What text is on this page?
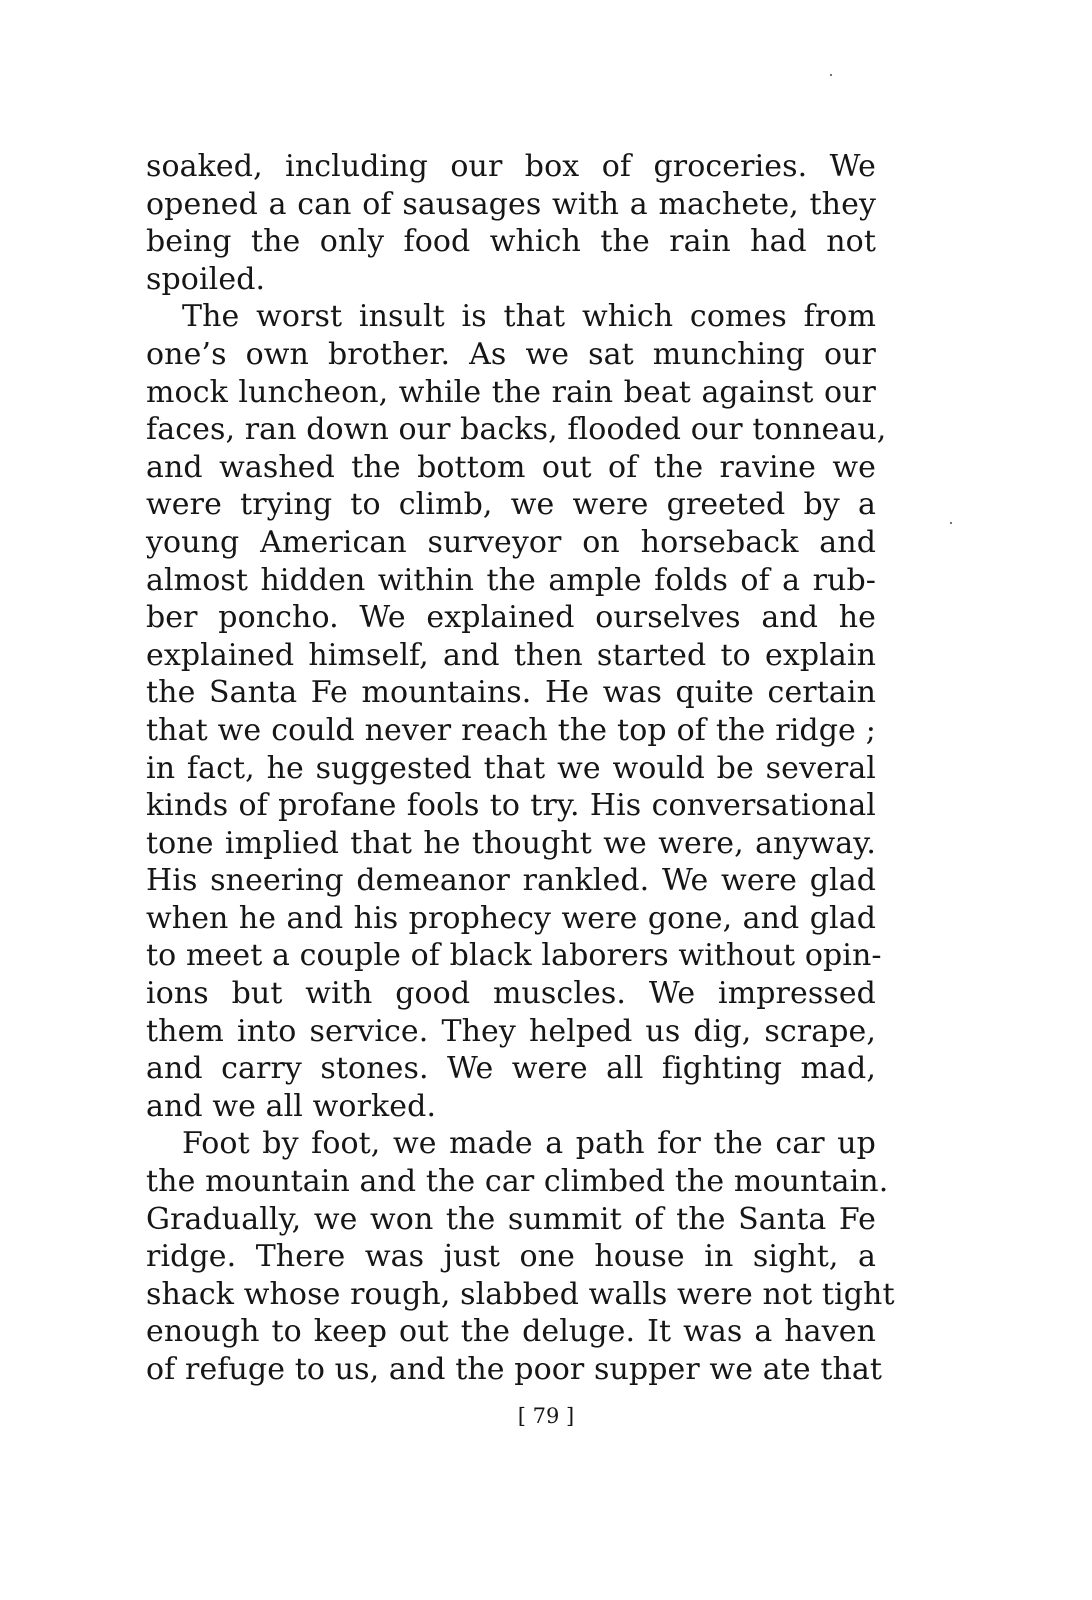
soaked, including our box of groceries. We
opened a can of sausages with a machete, they
being the only food which the rain had not
spoiled.
The worst insult is that which comes from
one’s own brother. As we sat munching our
mock luncheon, while the rain beat against our
faces, ran down our backs, flooded our tonneau,
and washed the bottom out of the ravine we
were trying to climb, we were greeted by a
young American surveyor on horseback and
almost hidden within the ample folds of a rub-
ber poncho. We explained ourselves and he
explained himself, and then started to explain
the Santa Fe mountains. He was quite certain
that we could never reach the top of the ridge ;
in fact, he suggested that we would be several
kinds of profane fools to try. His conversational
tone implied that he thought we were, anyway.
His sneering demeanor rankled. We were glad
when he and his prophecy were gone, and glad
to meet a couple of black laborers without opin-
ions but with good muscles. We impressed
them into service. They helped us dig, scrape,
and carry stones. We were all fighting mad,
and we all worked.
Foot by foot, we made a path for the car up
the mountain and the car climbed the mountain.
Gradually, we won the summit of the Santa Fe
ridge. There was just one house in sight, a
shack whose rough, slabbed walls were not tight
enough to keep out the deluge. It was a haven
of refuge to us, and the poor supper we ate that
[ 79 ]
